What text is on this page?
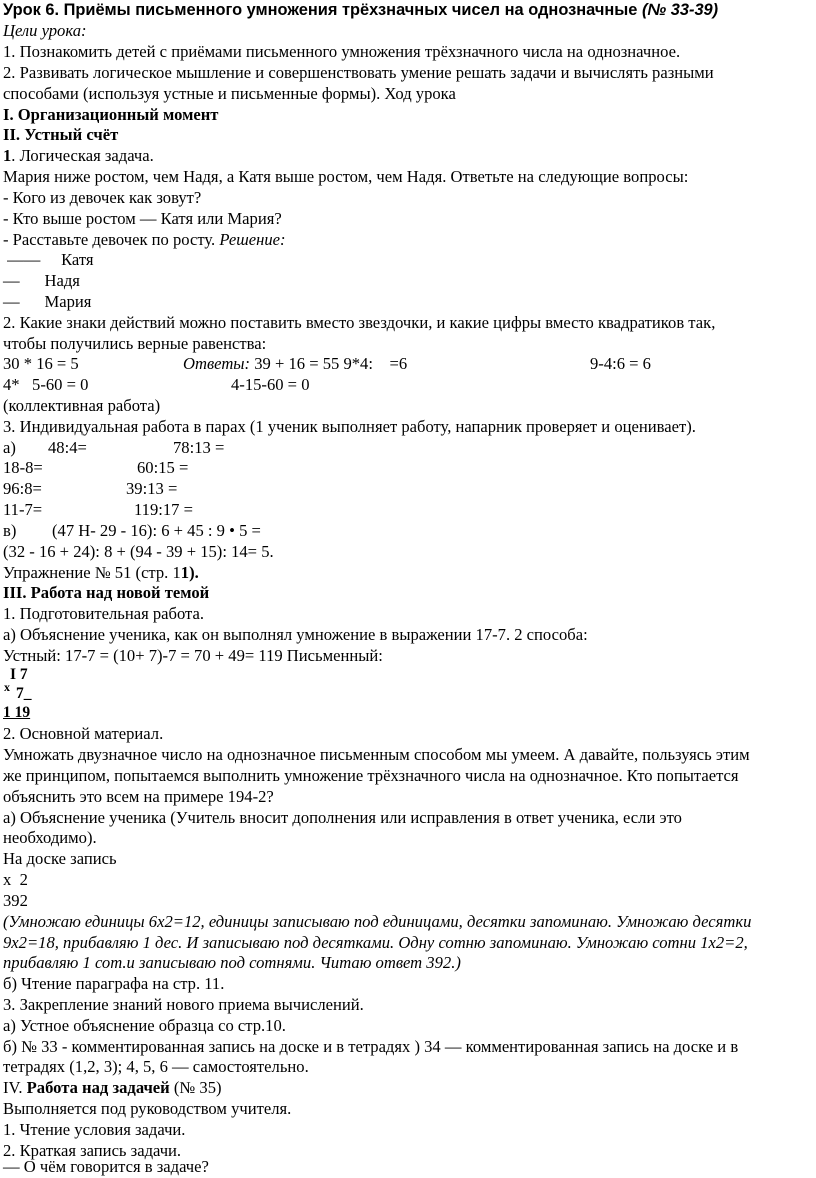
Урок 6. Приёмы письменного умножения трёхзначных чисел на однозначные (№ 33-39)
Цели урока:
1. Познакомить детей с приёмами письменного умножения трёхзначного числа на однозначное.
2. Развивать логическое мышление и совершенствовать умение решать задачи и вычислять разными
способами (используя устные и письменные формы). Ход урока
I. Организационный момент
II. Устный счёт
1. Логическая задача.
Мария ниже ростом, чем Надя, а Катя выше ростом, чем Надя. Ответьте на следующие вопросы:
- Кого из девочек как зовут?
- Кто выше ростом — Катя или Мария?
- Расставьте девочек по росту. Решение:
——     Катя
—      Надя
—      Мария
2. Какие знаки действий можно поставить вместо звездочки, и какие цифры вместо квадратиков так,
чтобы получились верные равенства:
30 * 16 = 5	Ответы: 39 + 16 = 55 9*4:    =6	9-4:6 = 6
4*   5-60 = 0	4-15-60 = 0
(коллективная работа)
3. Индивидуальная работа в парах (1 ученик выполняет работу, напарник проверяет и оценивает).
а) 48:4=	78:13 =
18-8=	60:15 =
96:8=	39:13 =
11-7=	119:17 =
в) (47 Н- 29 - 16): 6 + 45 : 9 • 5 =
(32 - 16 + 24): 8 + (94 - 39 + 15): 14= 5.
Упражнение № 51 (стр. 11).
III. Работа над новой темой
1. Подготовительная работа.
а) Объяснение ученика, как он выполнял умножение в выражении 17-7. 2 способа:
Устный: 17-7 = (10+ 7)-7 = 70 + 49= 119 Письменный:
I 7
x 7_
1 19
2. Основной материал.
Умножать двузначное число на однозначное письменным способом мы умеем. А давайте, пользуясь этим
же принципом, попытаемся выполнить умножение трёхзначного числа на однозначное. Кто попытается
объяснить это всем на примере 194-2?
а) Объяснение ученика (Учитель вносит дополнения или исправления в ответ ученика, если это
необходимо).
На доске запись
x  2
392
(Умножаю единицы 6x2=12, единицы записываю под единицами, десятки запоминаю. Умножаю десятки
9x2=18, прибавляю 1 дес. И записываю под десятками. Одну сотню запоминаю. Умножаю сотни 1x2=2,
прибавляю 1 сот.и записываю под сотнями. Читаю ответ 392.)
б) Чтение параграфа на стр. 11.
3. Закрепление знаний нового приема вычислений.
а) Устное объяснение образца со стр.10.
б) № 33 - комментированная запись на доске и в тетрадях ) 34 — комментированная запись на доске и в
тетрадях (1,2, 3); 4, 5, 6 — самостоятельно.
IV. Работа над задачей (№ 35)
Выполняется под руководством учителя.
1. Чтение условия задачи.
2. Краткая запись задачи.
— О чём говорится в задаче?
